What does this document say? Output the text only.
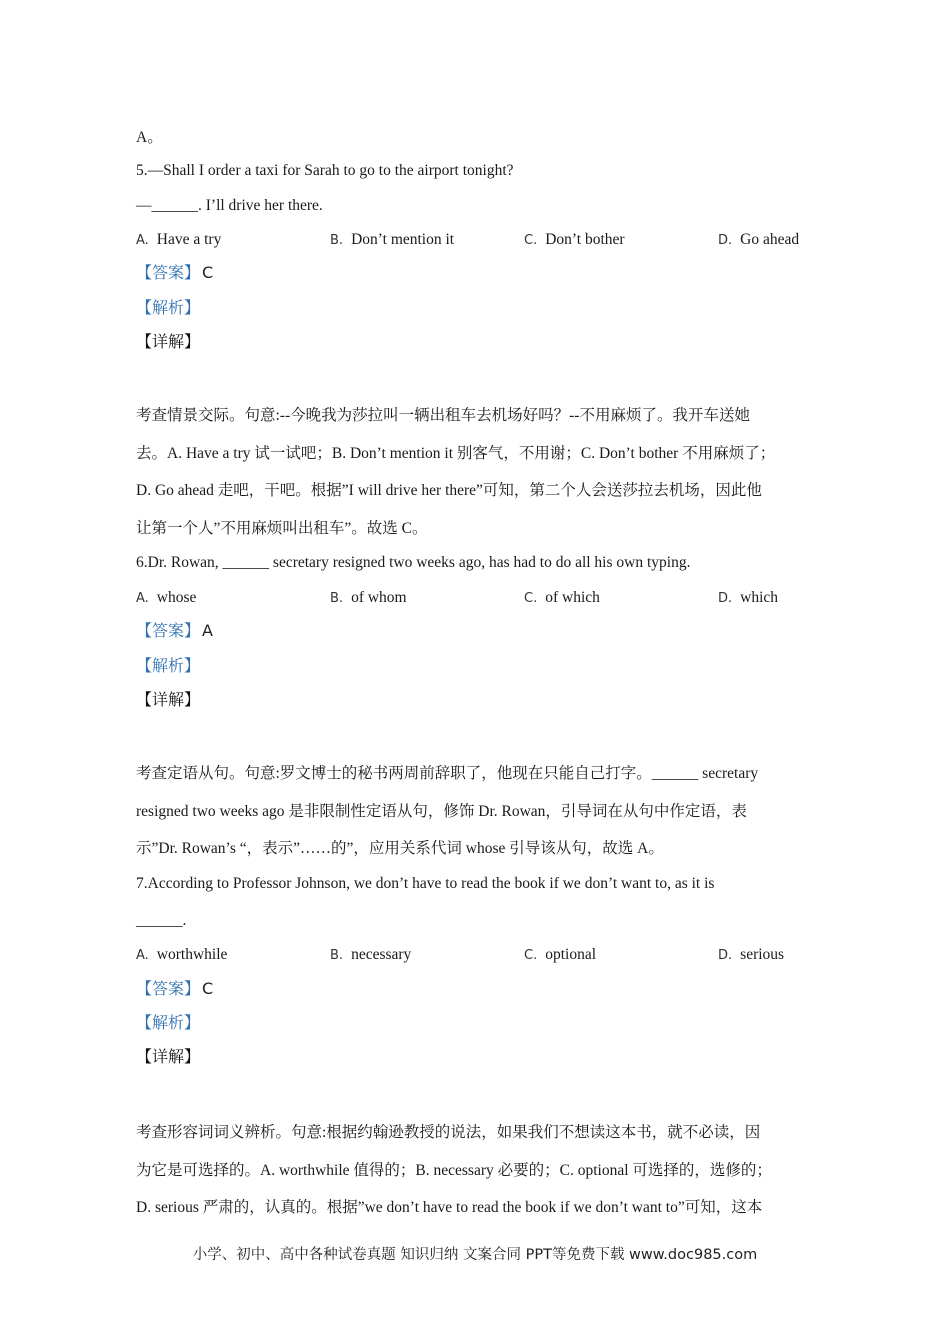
A。
5.—Shall I order a taxi for Sarah to go to the airport tonight?
—______. I’ll drive her there.
A. Have a try	B. Don’t mention it	C. Don’t bother	D. Go ahead
【答案】 C
【解析】
【详解】
考查情景交际。句意:--今晚我为莎拉叫一辆出租车去机场好吗？--不用麻烦了。我开车送她
去。A. Have a try 试一试吧；B. Don’t mention it 别客气，不用谢；C. Don’t bother 不用麻烦了；
D. Go ahead 走吧，干吧。根据”I will drive her there”可知，第二个人会送莎拉去机场，因此他
让第一个人”不用麻烦叫出租车”。故选 C。
6.Dr. Rowan, ______ secretary resigned two weeks ago, has had to do all his own typing.
A. whose	B. of whom	C. of which	D. which
【答案】 A
【解析】
【详解】
考查定语从句。句意:罗文博士的秘书两周前辞职了，他现在只能自己打字。______ secretary
resigned two weeks ago 是非限制性定语从句，修饰 Dr. Rowan，引导词在从句中作定语，表
示”Dr. Rowan’s “，表示”……的”，应用关系代词 whose 引导该从句，故选 A。
7.According to Professor Johnson, we don’t have to read the book if we don’t want to, as it is
______.
A. worthwhile	B. necessary	C. optional	D. serious
【答案】 C
【解析】
【详解】
考查形容词词义辨析。句意:根据约翰逊教授的说法，如果我们不想读这本书，就不必读，因
为它是可选择的。A. worthwhile 值得的；B. necessary 必要的；C. optional 可选择的，选修的；
D. serious 严肃的，认真的。根据”we don’t have to read the book if we don’t want to”可知，这本
小学、初中、高中各种试卷真题 知识归纳 文案合同 PPT等免费下载 www.doc985.com
